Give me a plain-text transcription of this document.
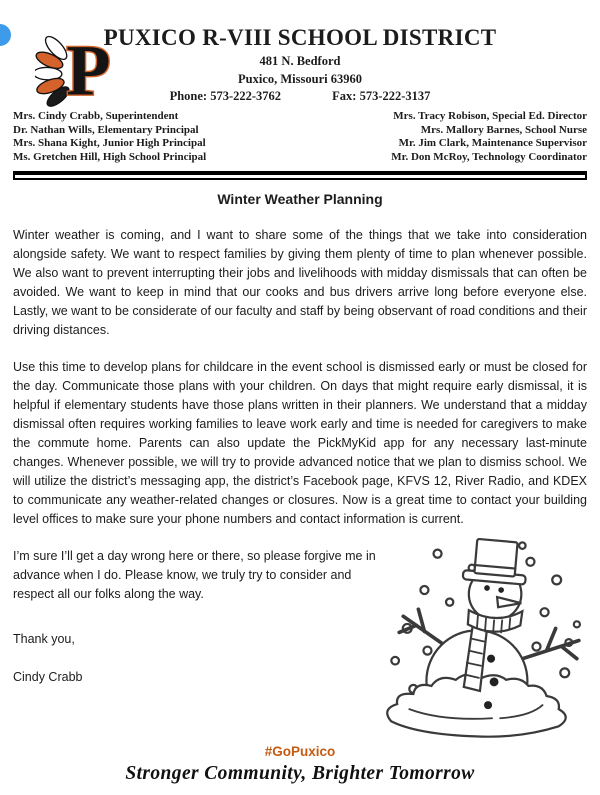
P
PUXICO R-VIII SCHOOL DISTRICT
481 N. Bedford
Puxico, Missouri 63960
Phone: 573-222-3762	Fax: 573-222-3137
Mrs. Cindy Crabb, Superintendent
Dr. Nathan Wills, Elementary Principal
Mrs. Shana Kight, Junior High Principal
Ms. Gretchen Hill, High School Principal
Mrs. Tracy Robison, Special Ed. Director
Mrs. Mallory Barnes, School Nurse
Mr. Jim Clark, Maintenance Supervisor
Mr. Don McRoy, Technology Coordinator
Winter Weather Planning

Winter weather is coming, and I want to share some of the things that we take into consideration alongside safety. We want to respect families by giving them plenty of time to plan whenever possible. We also want to prevent interrupting their jobs and livelihoods with midday dismissals that can often be avoided. We want to keep in mind that our cooks and bus drivers arrive long before everyone else. Lastly, we want to be considerate of our faculty and staff by being observant of road conditions and their driving distances.

Use this time to develop plans for childcare in the event school is dismissed early or must be closed for the day. Communicate those plans with your children. On days that might require early dismissal, it is helpful if elementary students have those plans written in their planners. We understand that a midday dismissal often requires working families to leave work early and time is needed for caregivers to make the commute home. Parents can also update the PickMyKid app for any necessary last-minute changes. Whenever possible, we will try to provide advanced notice that we plan to dismiss school. We will utilize the district’s messaging app, the district’s Facebook page, KFVS 12, River Radio, and KDEX to communicate any weather-related changes or closures. Now is a great time to contact your building level offices to make sure your phone numbers and contact information is current.

I’m sure I’ll get a day wrong here or there, so please forgive me in advance when I do. Please know, we truly try to consider and respect all our folks along the way.

Thank you,
Cindy Crabb
#GoPuxico
Stronger Community, Brighter Tomorrow
